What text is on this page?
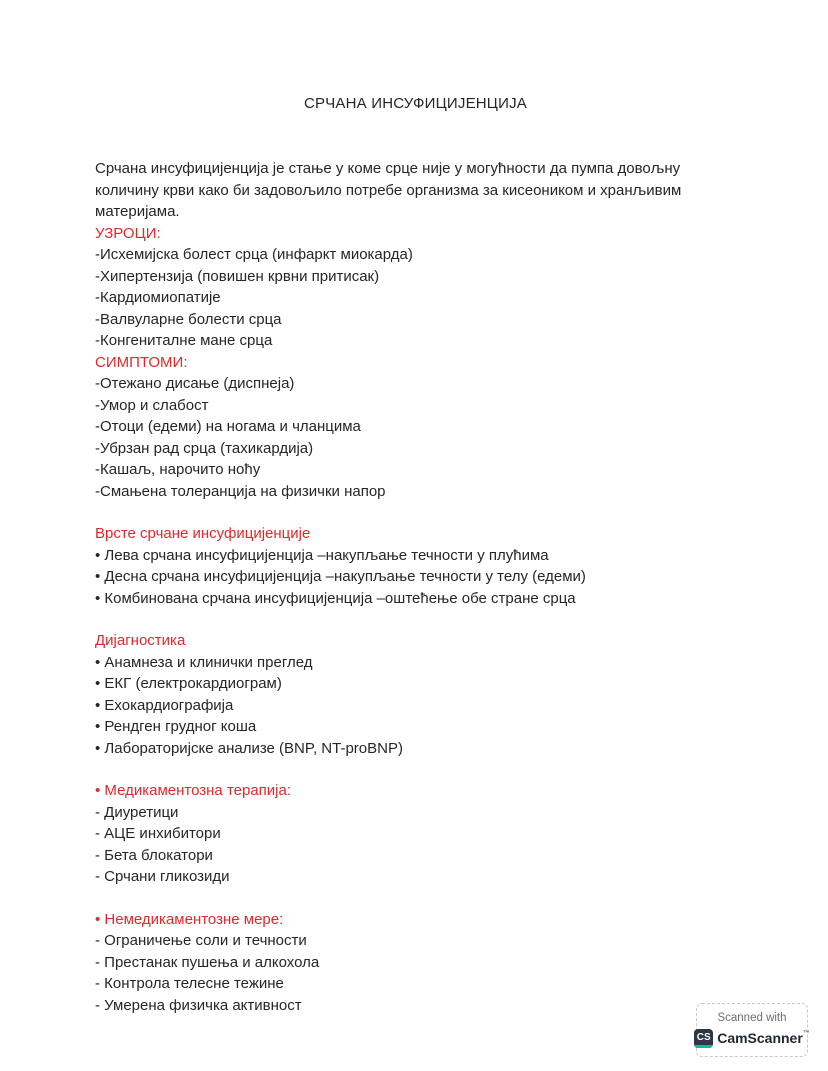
СРЧАНА ИНСУФИЦИЈЕНЦИЈА

Срчана инсуфицијенција је стање у коме срце није у могућности да пумпа довољну количину крви како би задовољило потребе организма за кисеоником и хранљивим материјама.

УЗРОЦИ:
-Исхемијска болест срца (инфаркт миокарда)
-Хипертензија (повишен крвни притисак)
-Кардиомиопатије
-Валвуларне болести срца
-Конгениталне мане срца
СИМПТОМИ:
-Отежано дисање (диспнеја)
-Умор и слабост
-Отоци (едеми) на ногама и чланцима
-Убрзан рад срца (тахикардија)
-Кашаљ, нарочито ноћу
-Смањена толеранција на физички напор
Врсте срчане инсуфицијенције
• Лева срчана инсуфицијенција –накупљање течности у плућима
• Десна срчана инсуфицијенција –накупљање течности у телу (едеми)
• Комбинована срчана инсуфицијенција –оштећење обе стране срца
Дијагностика
• Анамнеза и клинички преглед
• ЕКГ (електрокардиограм)
• Ехокардиографија
• Рендген грудног коша
• Лабораторијске анализе (BNP, NT-proBNP)
• Медикаментозна терапија:
- Диуретици
- АЦЕ инхибитори
- Бета блокатори
- Срчани гликозиди
• Немедикаментозне мере:
- Ограничење соли и течности
- Престанак пушења и алкохола
- Контрола телесне тежине
- Умерена физичка активност
Scanned with
CS CamScanner™
